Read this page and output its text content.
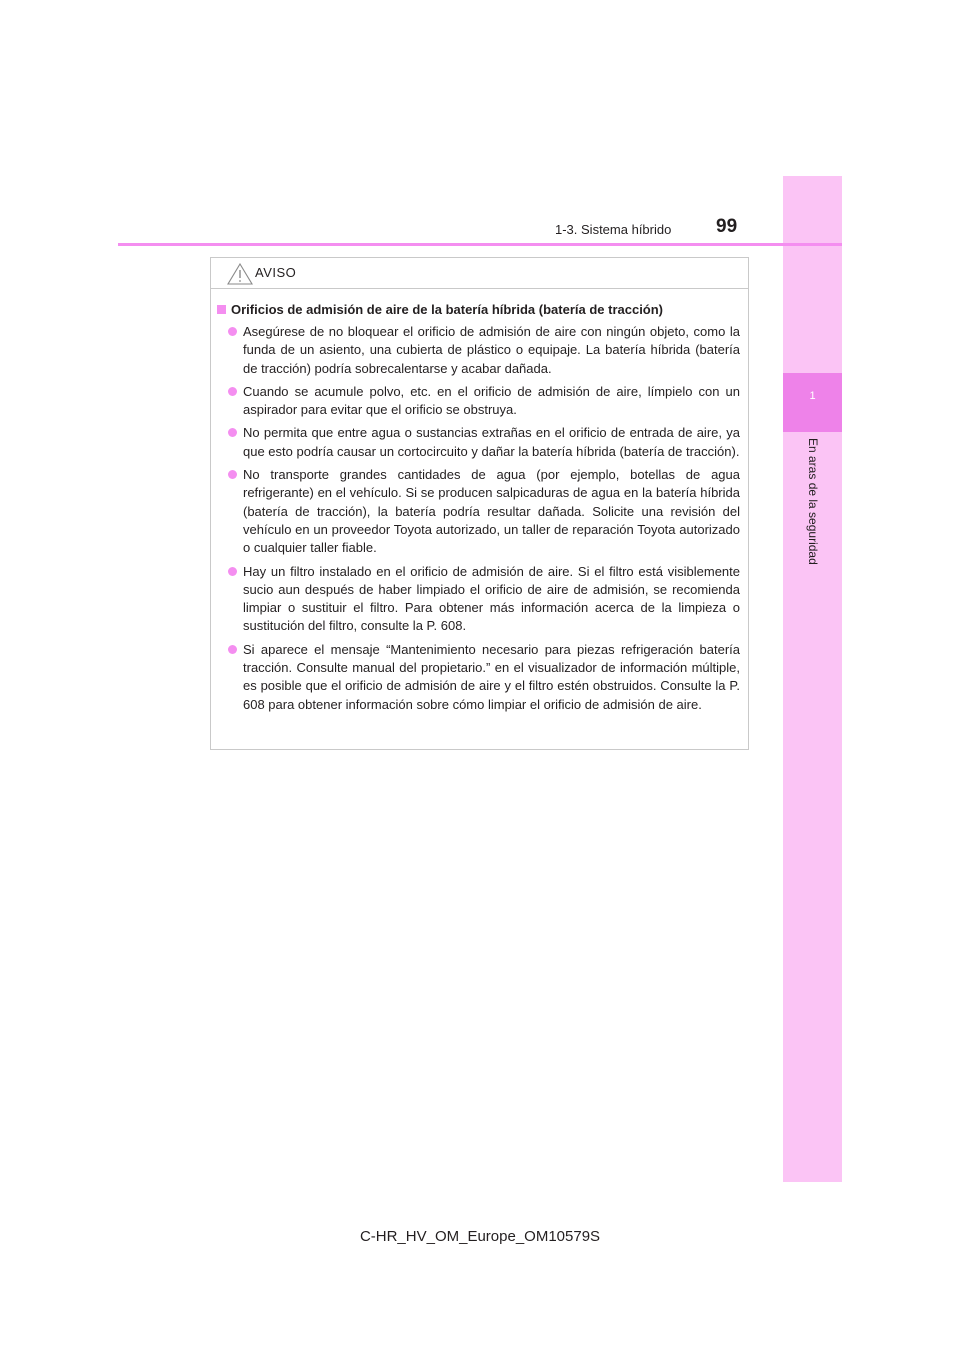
1
En aras de la seguridad
1-3. Sistema híbrido 99
AVISO
Orificios de admisión de aire de la batería híbrida (batería de tracción)
Asegúrese de no bloquear el orificio de admisión de aire con ningún objeto, como la funda de un asiento, una cubierta de plástico o equipaje. La batería híbrida (batería de tracción) podría sobrecalentarse y acabar dañada.
Cuando se acumule polvo, etc. en el orificio de admisión de aire, límpielo con un aspirador para evitar que el orificio se obstruya.
No permita que entre agua o sustancias extrañas en el orificio de entrada de aire, ya que esto podría causar un cortocircuito y dañar la batería híbrida (batería de tracción).
No transporte grandes cantidades de agua (por ejemplo, botellas de agua refrigerante) en el vehículo. Si se producen salpicaduras de agua en la batería híbrida (batería de tracción), la batería podría resultar dañada. Solicite una revisión del vehículo en un proveedor Toyota autorizado, un taller de reparación Toyota autorizado o cualquier taller fiable.
Hay un filtro instalado en el orificio de admisión de aire. Si el filtro está visiblemente sucio aun después de haber limpiado el orificio de aire de admisión, se recomienda limpiar o sustituir el filtro. Para obtener más información acerca de la limpieza o sustitución del filtro, consulte la P. 608.
Si aparece el mensaje “Mantenimiento necesario para piezas refrigeración batería tracción. Consulte manual del propietario.” en el visualizador de información múltiple, es posible que el orificio de admisión de aire y el filtro estén obstruidos. Consulte la P. 608 para obtener información sobre cómo limpiar el orificio de admisión de aire.
C-HR_HV_OM_Europe_OM10579S
